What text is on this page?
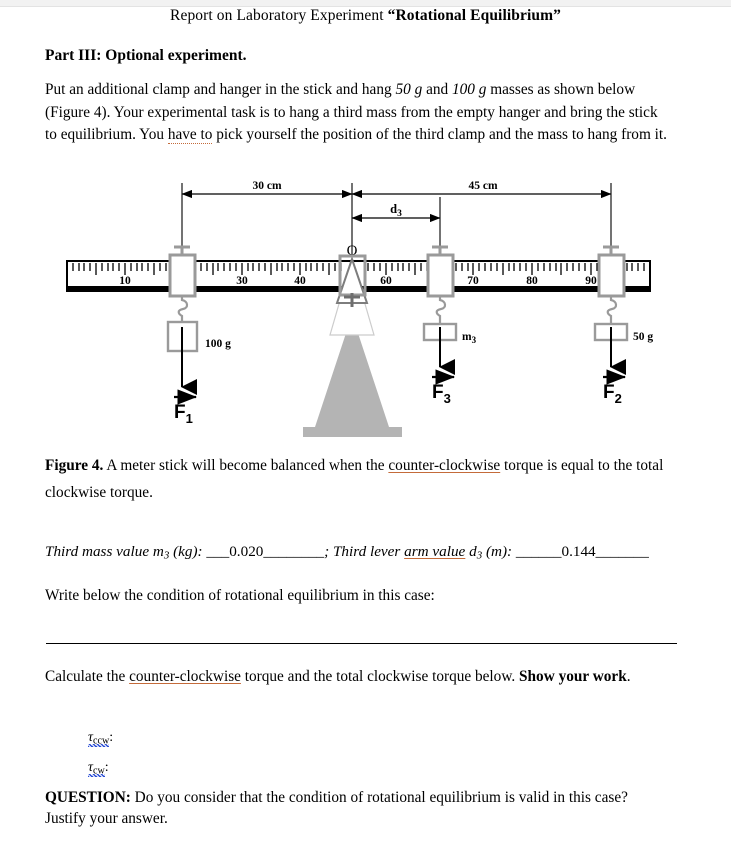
Report on Laboratory Experiment “Rotational Equilibrium”
Part III: Optional experiment.
Put an additional clamp and hanger in the stick and hang 50 g and 100 g masses as shown below (Figure 4). Your experimental task is to hang a third mass from the empty hanger and bring the stick to equilibrium. You have to pick yourself the position of the third clamp and the mass to hang from it.
30 cm	45 cm
$d_3$
O
10	30	40	60	70	80	90
100 g
$F_1$
$m_3$
$F_3$
50 g
$F_2$
Figure 4. A meter stick will become balanced when the counter-clockwise torque is equal to the total clockwise torque.
Third mass value $m_3$ (kg): ___0.020________; Third lever arm value $d_3$ (m): ______0.144_______
Write below the condition of rotational equilibrium in this case:
Calculate the counter-clockwise torque and the total clockwise torque below. Show your work.
τccw:
τcw:
QUESTION: Do you consider that the condition of rotational equilibrium is valid in this case? Justify your answer.
